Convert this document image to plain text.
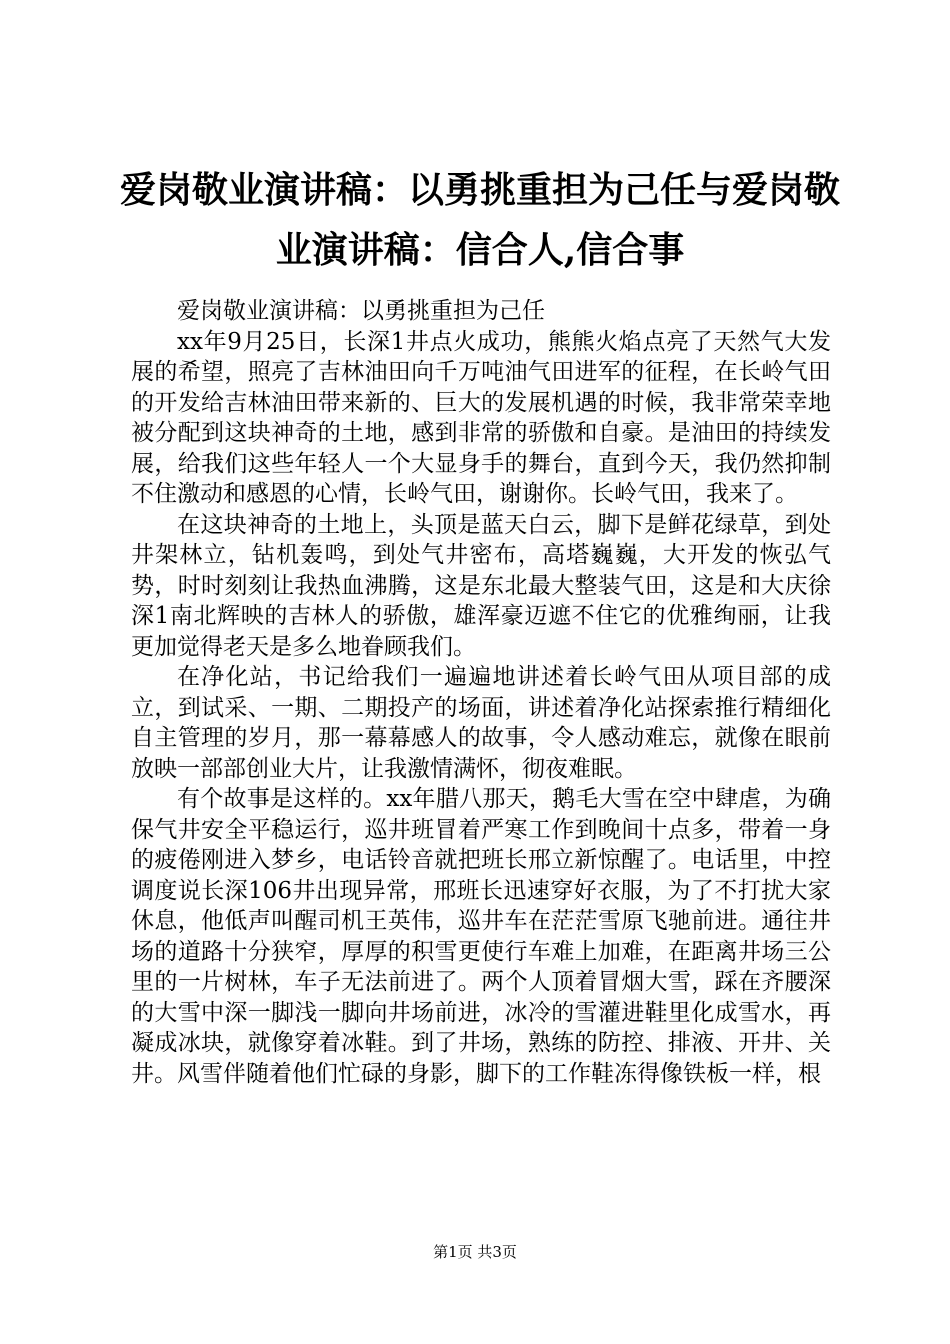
爱岗敬业演讲稿：以勇挑重担为己任与爱岗敬
业演讲稿：信合人,信合事

爱岗敬业演讲稿：以勇挑重担为己任

xx年9月25日，长深1井点火成功，熊熊火焰点亮了天然气大发展的希望，照亮了吉林油田向千万吨油气田进军的征程，在长岭气田的开发给吉林油田带来新的、巨大的发展机遇的时候，我非常荣幸地被分配到这块神奇的土地，感到非常的骄傲和自豪。是油田的持续发展，给我们这些年轻人一个大显身手的舞台，直到今天，我仍然抑制不住激动和感恩的心情，长岭气田，谢谢你。长岭气田，我来了。

在这块神奇的土地上，头顶是蓝天白云，脚下是鲜花绿草，到处井架林立，钻机轰鸣，到处气井密布，高塔巍巍，大开发的恢弘气势，时时刻刻让我热血沸腾，这是东北最大整装气田，这是和大庆徐深1南北辉映的吉林人的骄傲，雄浑豪迈遮不住它的优雅绚丽，让我更加觉得老天是多么地眷顾我们。

在净化站，书记给我们一遍遍地讲述着长岭气田从项目部的成立，到试采、一期、二期投产的场面，讲述着净化站探索推行精细化自主管理的岁月，那一幕幕感人的故事，令人感动难忘，就像在眼前放映一部部创业大片，让我激情满怀，彻夜难眠。

有个故事是这样的。xx年腊八那天，鹅毛大雪在空中肆虐，为确保气井安全平稳运行，巡井班冒着严寒工作到晚间十点多，带着一身的疲倦刚进入梦乡，电话铃音就把班长邢立新惊醒了。电话里，中控调度说长深106井出现异常，邢班长迅速穿好衣服，为了不打扰大家休息，他低声叫醒司机王英伟，巡井车在茫茫雪原飞驰前进。通往井场的道路十分狭窄，厚厚的积雪更使行车难上加难，在距离井场三公里的一片树林，车子无法前进了。两个人顶着冒烟大雪，踩在齐腰深的大雪中深一脚浅一脚向井场前进，冰冷的雪灌进鞋里化成雪水，再凝成冰块，就像穿着冰鞋。到了井场，熟练的防控、排液、开井、关井。风雪伴随着他们忙碌的身影，脚下的工作鞋冻得像铁板一样，根

第1页 共3页
